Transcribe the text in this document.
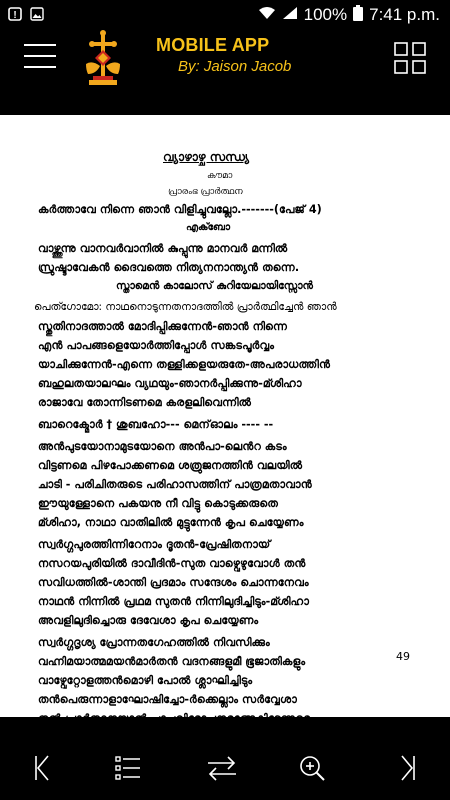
!	100% 7:41 p.m.
MOBILE APP
By: Jaison Jacob
വ്യാഴാഴ്ച സന്ധ്യ
കൗമാ
പ്രാരംഭ പ്രാർത്ഥന
കർത്താവേ നിന്നെ ഞാൻ വിളിച്ചുവല്ലോ.-------(പേജ് 4)
എക്ബോ
വാഴ്ത്തുന്നു വാനവർവാനിൽ കുപ്പുന്നു മാനവർ മന്നിൽ
സ്രുഷ്ടാവേകൻ ദൈവത്തെ നിത്യനനാന്ത്യൻ തന്നെ.
സ്താമെൻ കാലോസ് കുറിയേലായിസ്സോൻ
പെത്ഗോമോ: നാഥനൊടുന്നതനാദത്തിൽ പ്രാർത്ഥിച്ചേൻ ഞാൻ
സ്തുതിനാദത്താൽ മോദിപ്പിക്കുന്നേൻ-ഞാൻ നിന്നെ
എൻ പാപങ്ങളെയോർത്തിപ്പോൾ സങ്കടപൂർവ്വം
യാചിക്കുന്നേൻ-എന്നെ തള്ളിക്കളയരുതേ-അപരാധത്തിൻ
ബഹുലതയാലഘം വ്യഥയും-ഞാനർപ്പിക്കുന്നു-മ്ശിഹാ
രാജാവേ തോന്നിടണമെ കരളലിവെന്നിൽ
ബാറെക്മോർ † ശുബഹോ--- മെന്ഓലം ---- --
അൻപുടയോനാമുടയോനെ അൻപാ-ലെൻറ കടം
വിട്ടണമെ പിഴപോക്കണമെ ശത്രുജനത്തിൻ വലയിൽ
ചാടി - പരിചിതരുടെ പരിഹാസത്തിന് പാത്രമതാവാൻ
ഈയുള്ളോനെ പകയനു നീ വിട്ടു കൊടുക്കരുതെ
മ്ശിഹാ, നാഥാ വാതിലിൽ മുട്ടുന്നേൻ കൃപ ചെയ്യേണം
സ്വർഗ്ഗപുരത്തിന്നിറേനാം ദൂതൻ-പ്രേഷിതനായ്
നസറയപുരിയിൽ ദാവീദിൻ-സുത വാഴ്വെഴുവോൾ തൻ
സവിധത്തിൽ-ശാന്തി പ്രദമാം സന്ദേശം ചൊന്നനേവം
നാഥൻ നിന്നിൽ പ്രഥമ സുതൻ നിന്നിലുദിച്ചിടും-മ്ശിഹാ
അവളിലുദിച്ചൊരു ദേവേശാ കൃപ ചെയ്യേണം
സ്വർഗ്ഗദൃശ്യ പ്രോന്നതഗേഹത്തിൽ നിവസിക്കും
വഹ്നിമയാത്മമയൻമാർതൻ വദനങ്ങളുമീ ഭൂജാതികളും
വാഴ്വേറ്റോളത്തൻമൊഴി പോൽ ശ്ലാഘിച്ചിടും
തൻപെരുന്നാളാഘോഷിച്ചോ-ർക്കെല്ലാം സർവ്വേശാ
49
